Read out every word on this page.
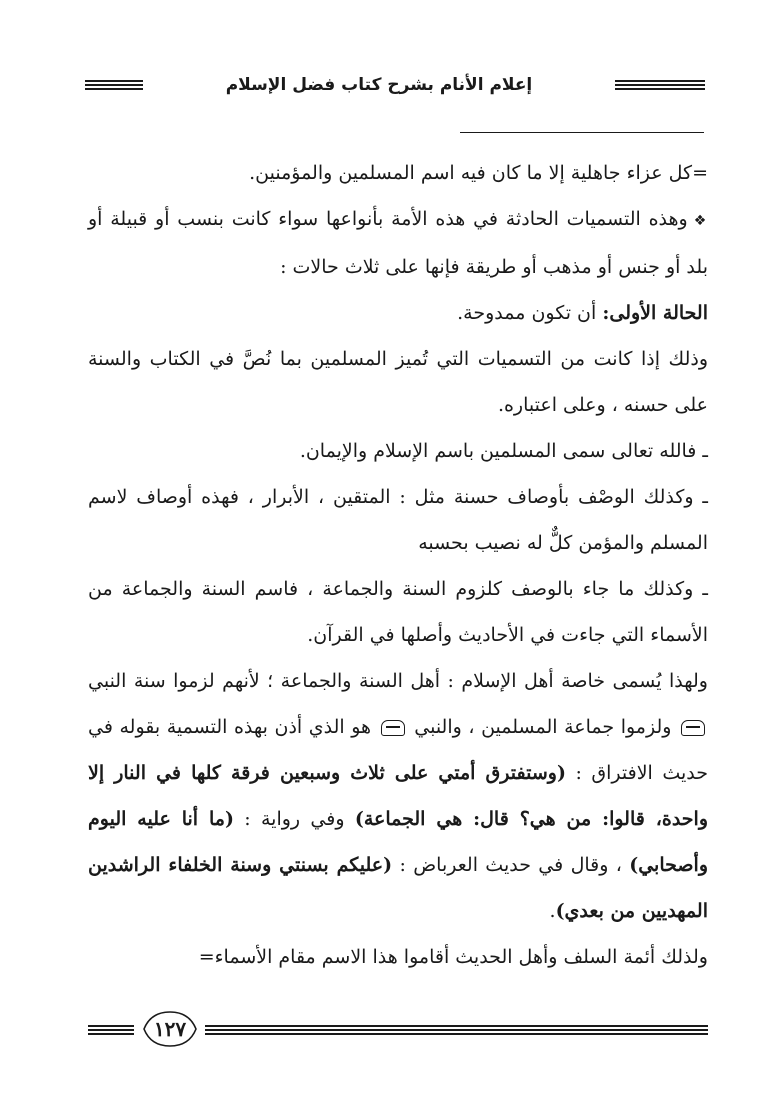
إعلام الأنام بشرح كتاب فضل الإسلام

=كل عزاء جاهلية إلا ما كان فيه اسم المسلمين والمؤمنين.

❖وهذه التسميات الحادثة في هذه الأمة بأنواعها سواء كانت بنسب أو قبيلة أو بلد أو جنس أو مذهب أو طريقة فإنها على ثلاث حالات :

الحالة الأولى: أن تكون ممدوحة.

وذلك إذا كانت من التسميات التي تُميز المسلمين بما نُصَّ في الكتاب والسنة على حسنه ، وعلى اعتباره.

ـ فالله تعالى سمى المسلمين باسم الإسلام والإيمان.

ـ وكذلك الوصْف بأوصاف حسنة مثل : المتقين ، الأبرار ، فهذه أوصاف لاسم المسلم والمؤمن كلٌّ له نصيب بحسبه

ـ وكذلك ما جاء بالوصف كلزوم السنة والجماعة ، فاسم السنة والجماعة من الأسماء التي جاءت في الأحاديث وأصلها في القرآن.

ولهذا يُسمى خاصة أهل الإسلام : أهل السنة والجماعة ؛ لأنهم لزموا سنة النبي  ولزموا جماعة المسلمين ، والنبي  هو الذي أذن بهذه التسمية بقوله في حديث الافتراق : (وستفترق أمتي على ثلاث وسبعين فرقة كلها في النار إلا واحدة، قالوا: من هي؟ قال: هي الجماعة) وفي رواية : (ما أنا عليه اليوم وأصحابي) ، وقال في حديث العرباض : (عليكم بسنتي وسنة الخلفاء الراشدين المهديين من بعدي).

ولذلك أئمة السلف وأهل الحديث أقاموا هذا الاسم مقام الأسماء=

١٢٧
